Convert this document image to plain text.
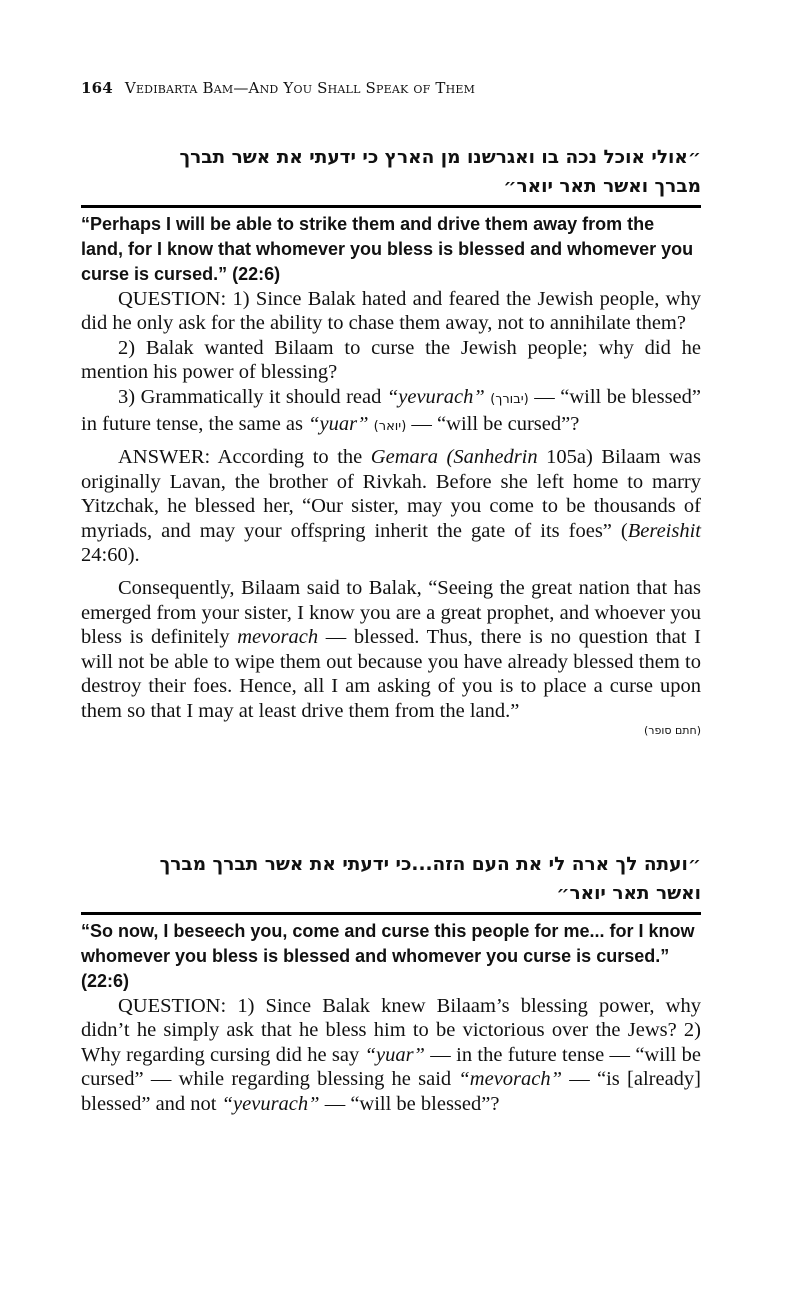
164 Vedibarta Bam—And You Shall Speak of Them

״אולי אוכל נכה בו ואגרשנו מן הארץ כי ידעתי את אשר תברך

מברך ואשר תאר יואר״

“Perhaps I will be able to strike them and drive them away from the land, for I know that whomever you bless is blessed and whomever you curse is cursed.” (22:6)

QUESTION: 1) Since Balak hated and feared the Jewish people, why did he only ask for the ability to chase them away, not to annihilate them?

2) Balak wanted Bilaam to curse the Jewish people; why did he mention his power of blessing?

3) Grammatically it should read “yevurach” (יבורך) — “will be blessed” in future tense, the same as “yuar” (יואר) — “will be cursed”?

ANSWER: According to the Gemara (Sanhedrin 105a) Bilaam was originally Lavan, the brother of Rivkah. Before she left home to marry Yitzchak, he blessed her, “Our sister, may you come to be thousands of myriads, and may your offspring inherit the gate of its foes” (Bereishit 24:60).

Consequently, Bilaam said to Balak, “Seeing the great nation that has emerged from your sister, I know you are a great prophet, and whoever you bless is definitely mevorach — blessed. Thus, there is no question that I will not be able to wipe them out because you have already blessed them to destroy their foes. Hence, all I am asking of you is to place a curse upon them so that I may at least drive them from the land.”

(חתם סופר)

״ועתה לך ארה לי את העם הזה...כי ידעתי את אשר תברך מברך

ואשר תאר יואר״

“So now, I beseech you, come and curse this people for me... for I know whomever you bless is blessed and whomever you curse is cursed.” (22:6)

QUESTION: 1) Since Balak knew Bilaam’s blessing power, why didn’t he simply ask that he bless him to be victorious over the Jews? 2) Why regarding cursing did he say “yuar” — in the future tense — “will be cursed” — while regarding blessing he said “mevorach” — “is [already] blessed” and not “yevurach” — “will be blessed”?
